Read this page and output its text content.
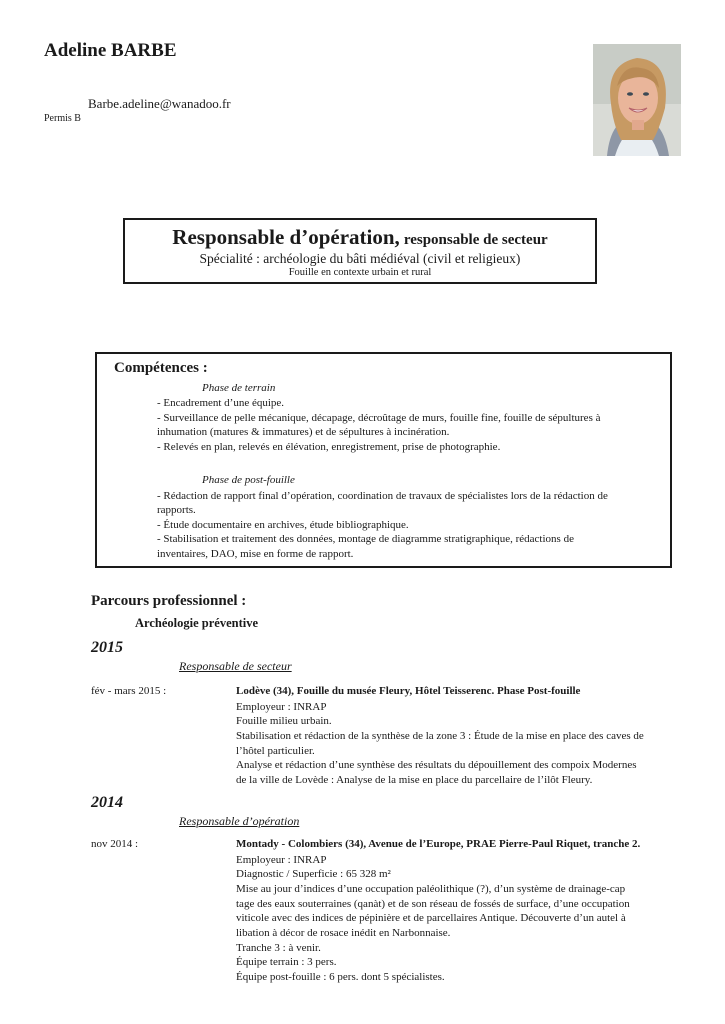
Adeline BARBE
Barbe.adeline@wanadoo.fr
Permis B
Responsable d’opération, responsable de secteur
Spécialité : archéologie du bâti médiéval (civil et religieux)
Fouille en contexte urbain et rural
Compétences :
Phase de terrain
- Encadrement d’une équipe.
- Surveillance de pelle mécanique, décapage, décroûtage de murs, fouille fine, fouille de sépultures à
inhumation (matures & immatures) et de sépultures à incinération.
- Relevés en plan, relevés en élévation, enregistrement, prise de photographie.
Phase de post-fouille
- Rédaction de rapport final d’opération, coordination de travaux de spécialistes lors de la rédaction de
rapports.
- Étude documentaire en archives, étude bibliographique.
- Stabilisation et traitement des données, montage de diagramme stratigraphique, rédactions de
inventaires, DAO, mise en forme de rapport.
Parcours professionnel :
Archéologie préventive
2015
Responsable de secteur
fév - mars 2015 :	Lodève (34), Fouille du musée Fleury, Hôtel Teisserenc. Phase Post-fouille
Employeur : INRAP
Fouille milieu urbain.
Stabilisation et rédaction de la synthèse de la zone 3 : Étude de la mise en place des caves de
l’hôtel particulier.
Analyse et rédaction d’une synthèse des résultats du dépouillement des compoix Modernes
de la ville de Lovède : Analyse de la mise en place du parcellaire de l’ilôt Fleury.
2014
Responsable d’opération
nov 2014 :	Montady - Colombiers (34), Avenue de l’Europe, PRAE Pierre-Paul Riquet, tranche 2.
Employeur : INRAP
Diagnostic / Superficie : 65 328 m²
Mise au jour d’indices d’une occupation paléolithique (?), d’un système de drainage-cap
tage des eaux souterraines (qanàt) et de son réseau de fossés de surface, d’une occupation
viticole avec des indices de pépinière et de parcellaires Antique. Découverte d’un autel à
libation à décor de rosace inédit en Narbonnaise.
Tranche 3 : à venir.
Équipe terrain : 3 pers.
Équipe post-fouille : 6 pers. dont 5 spécialistes.
